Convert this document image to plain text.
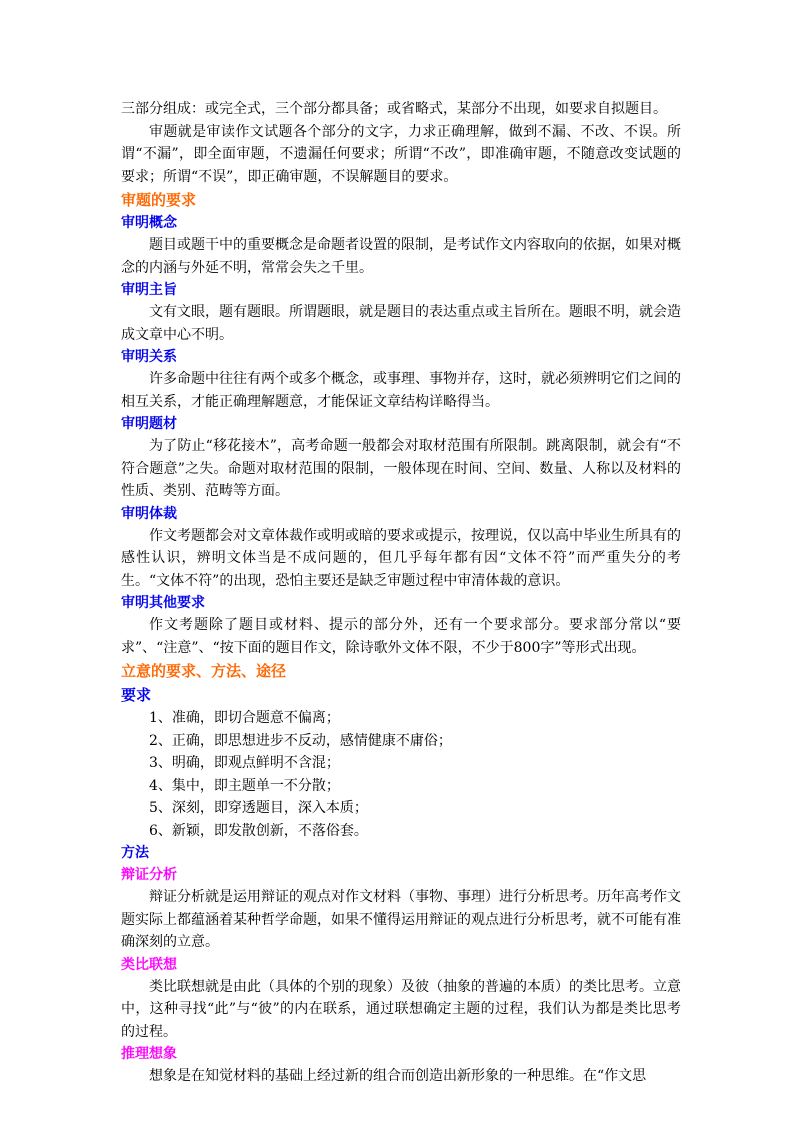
三部分组成：或完全式，三个部分都具备；或省略式，某部分不出现，如要求自拟题目。

审题就是审读作文试题各个部分的文字，力求正确理解，做到不漏、不改、不误。所谓“不漏”，即全面审题，不遗漏任何要求；所谓“不改”，即准确审题，不随意改变试题的要求；所谓“不误”，即正确审题，不误解题目的要求。

审题的要求

审明概念

题目或题干中的重要概念是命题者设置的限制，是考试作文内容取向的依据，如果对概念的内涵与外延不明，常常会失之千里。

审明主旨

文有文眼，题有题眼。所谓题眼，就是题目的表达重点或主旨所在。题眼不明，就会造成文章中心不明。

审明关系

许多命题中往往有两个或多个概念，或事理、事物并存，这时，就必须辨明它们之间的相互关系，才能正确理解题意，才能保证文章结构详略得当。

审明题材

为了防止“移花接木”，高考命题一般都会对取材范围有所限制。跳离限制，就会有“不符合题意”之失。命题对取材范围的限制，一般体现在时间、空间、数量、人称以及材料的性质、类别、范畴等方面。

审明体裁

作文考题都会对文章体裁作或明或暗的要求或提示，按理说，仅以高中毕业生所具有的感性认识，辨明文体当是不成问题的，但几乎每年都有因“文体不符”而严重失分的考生。“文体不符”的出现，恐怕主要还是缺乏审题过程中审清体裁的意识。

审明其他要求

作文考题除了题目或材料、提示的部分外，还有一个要求部分。要求部分常以“要求”、“注意”、“按下面的题目作文，除诗歌外文体不限，不少于800字”等形式出现。

立意的要求、方法、途径

要求

1、准确，即切合题意不偏离；

2、正确，即思想进步不反动，感情健康不庸俗；

3、明确，即观点鲜明不含混；

4、集中，即主题单一不分散；

5、深刻，即穿透题目，深入本质；

6、新颖，即发散创新，不落俗套。

方法

辩证分析

辩证分析就是运用辩证的观点对作文材料（事物、事理）进行分析思考。历年高考作文题实际上都蕴涵着某种哲学命题，如果不懂得运用辩证的观点进行分析思考，就不可能有准确深刻的立意。

类比联想

类比联想就是由此（具体的个别的现象）及彼（抽象的普遍的本质）的类比思考。立意中，这种寻找“此”与“彼”的内在联系，通过联想确定主题的过程，我们认为都是类比思考的过程。

推理想象

想象是在知觉材料的基础上经过新的组合而创造出新形象的一种思维。在“作文思
